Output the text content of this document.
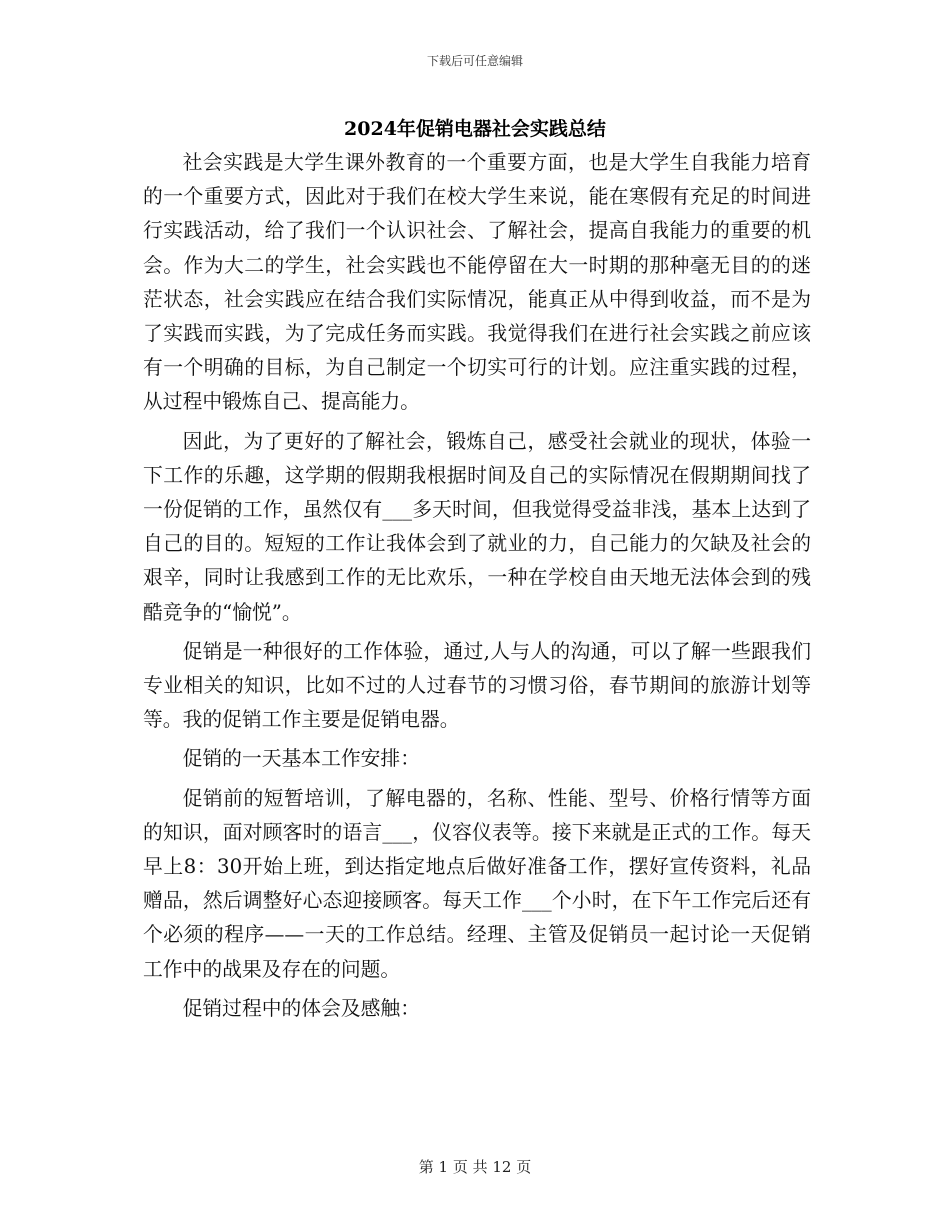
下载后可任意编辑
2024年促销电器社会实践总结

社会实践是大学生课外教育的一个重要方面，也是大学生自我能力培育的一个重要方式，因此对于我们在校大学生来说，能在寒假有充足的时间进行实践活动，给了我们一个认识社会、了解社会，提高自我能力的重要的机会。作为大二的学生，社会实践也不能停留在大一时期的那种毫无目的的迷茫状态，社会实践应在结合我们实际情况，能真正从中得到收益，而不是为了实践而实践，为了完成任务而实践。我觉得我们在进行社会实践之前应该有一个明确的目标，为自己制定一个切实可行的计划。应注重实践的过程，从过程中锻炼自己、提高能力。

因此，为了更好的了解社会，锻炼自己，感受社会就业的现状，体验一下工作的乐趣，这学期的假期我根据时间及自己的实际情况在假期期间找了一份促销的工作，虽然仅有___多天时间，但我觉得受益非浅，基本上达到了自己的目的。短短的工作让我体会到了就业的力，自己能力的欠缺及社会的艰辛，同时让我感到工作的无比欢乐，一种在学校自由天地无法体会到的残酷竞争的“愉悦”。

促销是一种很好的工作体验，通过,人与人的沟通，可以了解一些跟我们专业相关的知识，比如不过的人过春节的习惯习俗，春节期间的旅游计划等等。我的促销工作主要是促销电器。

促销的一天基本工作安排：

促销前的短暂培训，了解电器的，名称、性能、型号、价格行情等方面的知识，面对顾客时的语言___，仪容仪表等。接下来就是正式的工作。每天早上8：30开始上班，到达指定地点后做好准备工作，摆好宣传资料，礼品赠品，然后调整好心态迎接顾客。每天工作___个小时，在下午工作完后还有个必须的程序——一天的工作总结。经理、主管及促销员一起讨论一天促销工作中的战果及存在的问题。

促销过程中的体会及感触：

第 1 页 共 12 页
